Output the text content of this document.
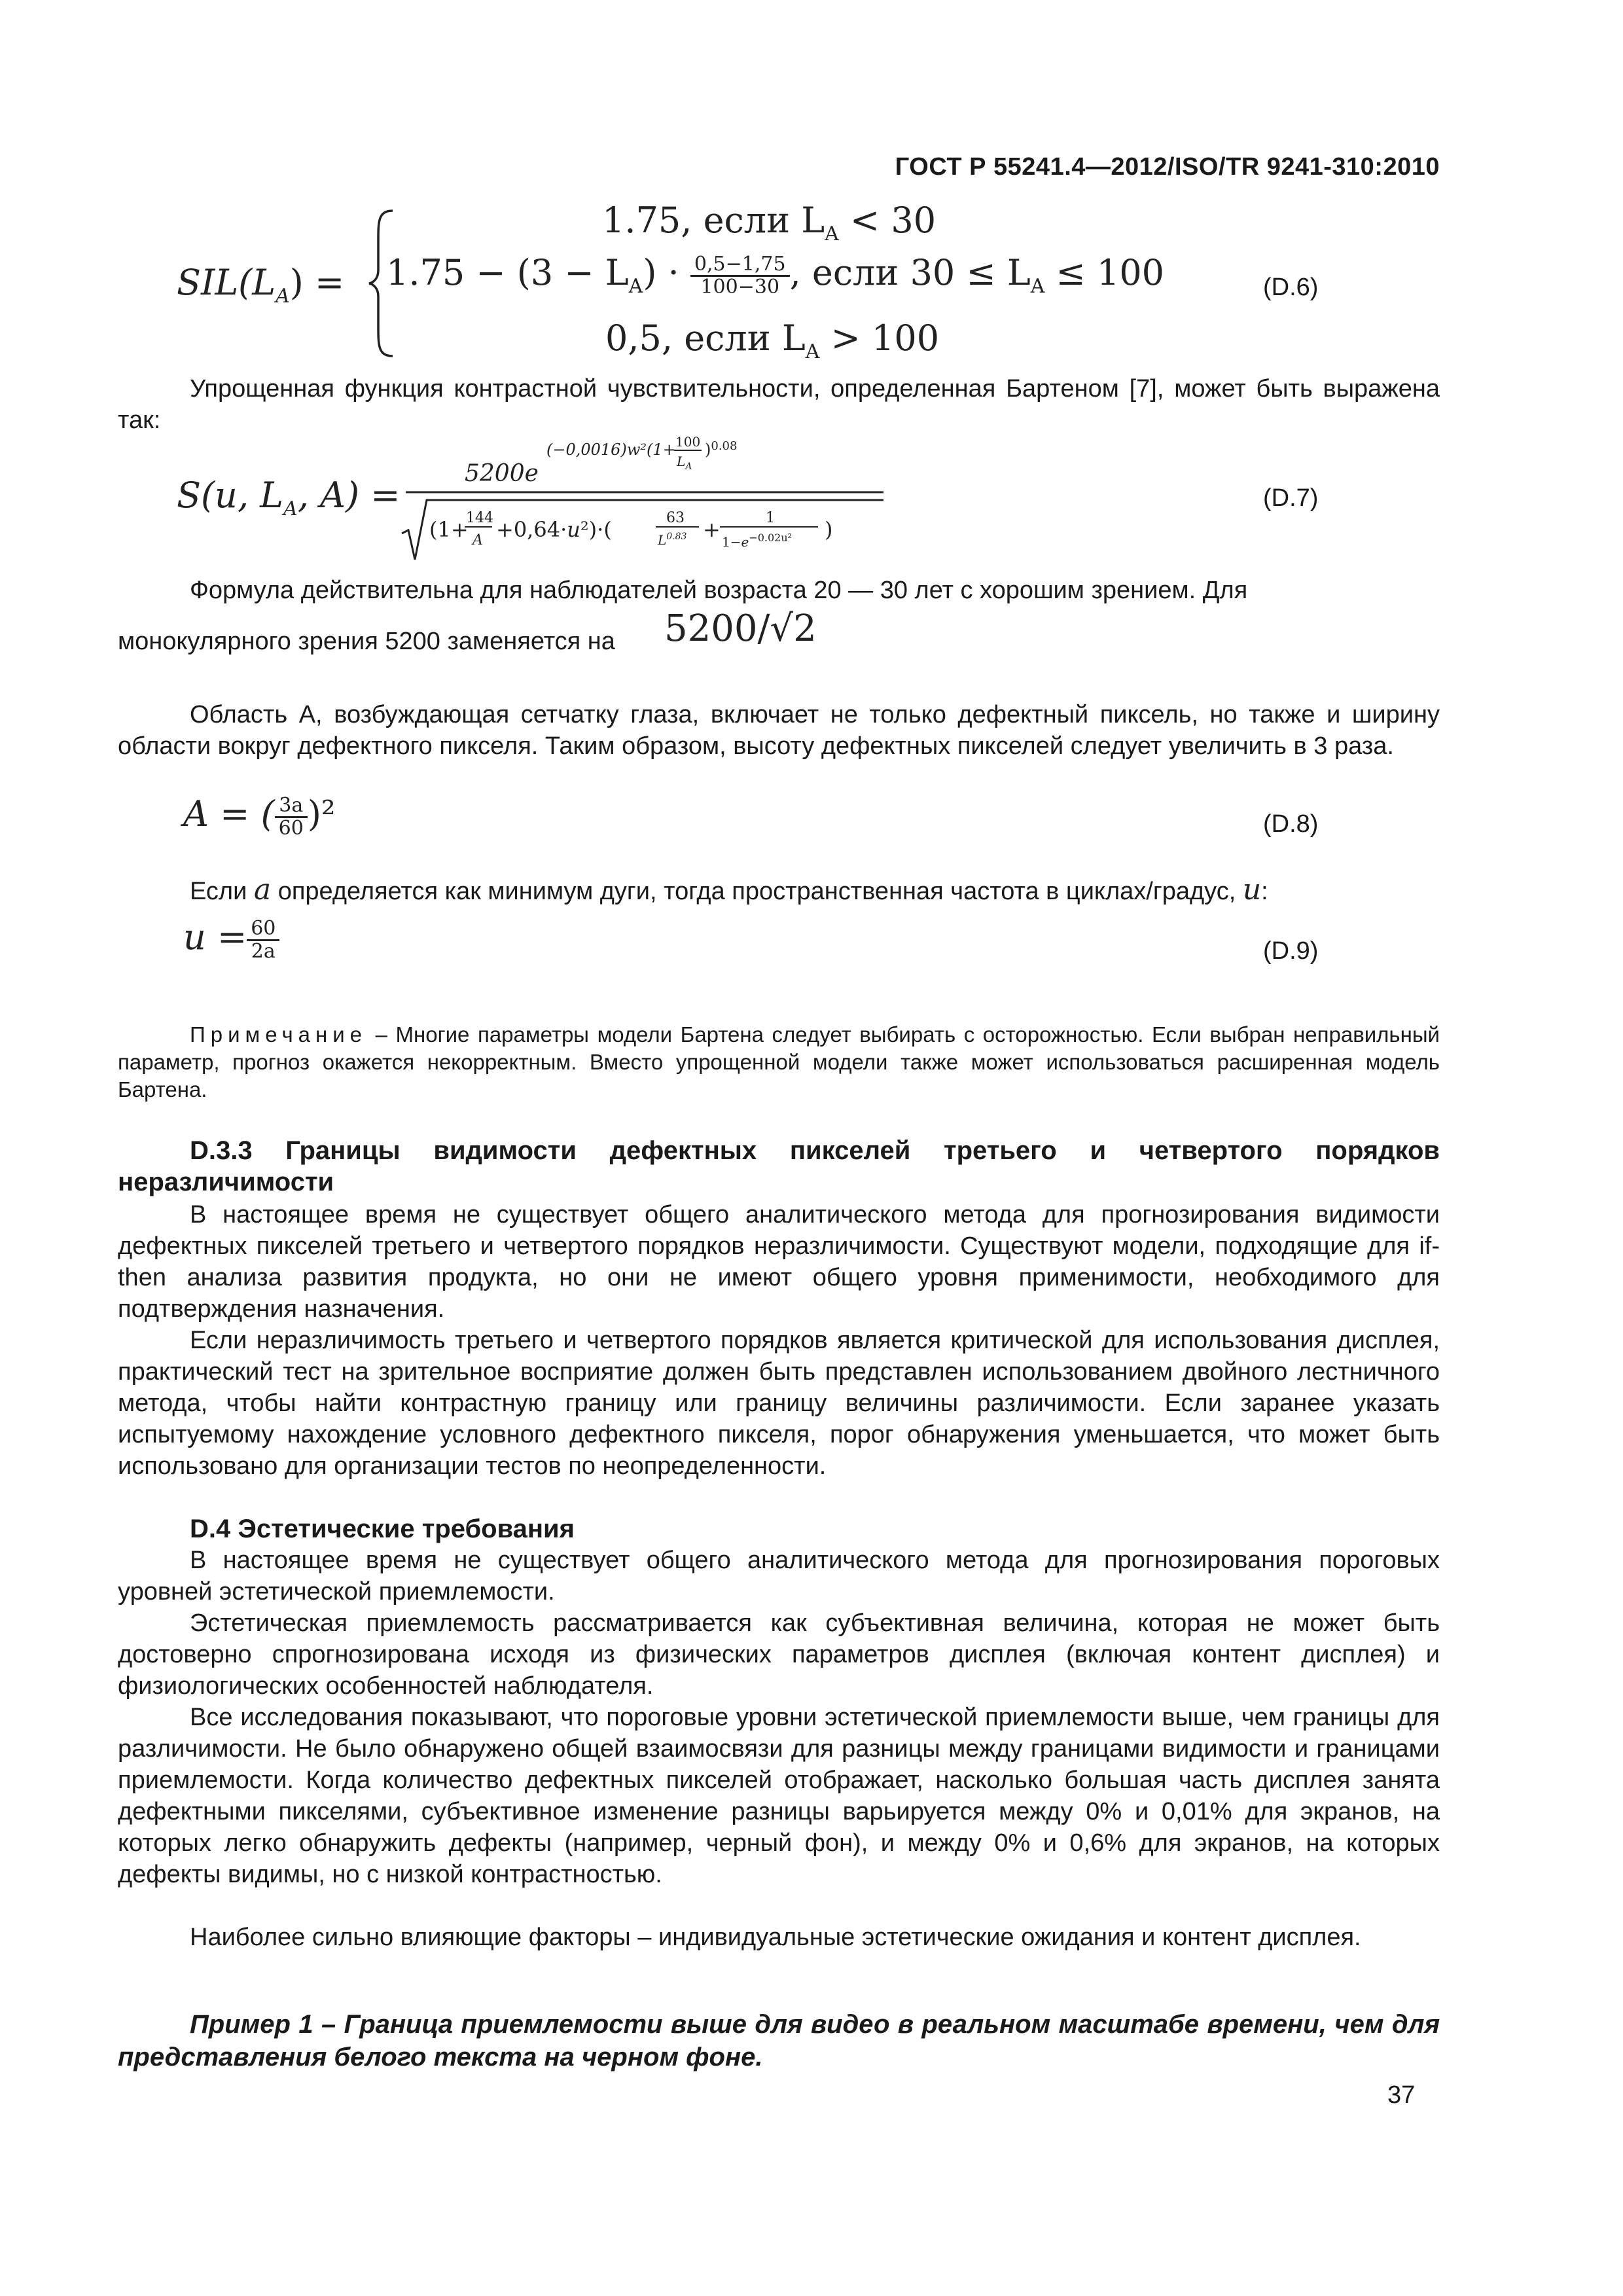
ГОСТ Р 55241.4—2012/ISO/TR 9241-310:2010
$SIL(L_A)$ =
1.75, если $L_A < 30$
$1.75 - (3 - L_A) \cdot \frac{0,5-1,75}{100-30}$ , если $30 \le L_A \le 100$
0,5, если $L_A > 100$
(D.6)
Упрощенная функция контрастной чувствительности, определенная Бартеном [7], может быть выражена так:
S(u, $L_A$, A) =
5200e
(−0,0016)w²(1+ 100
$L_A$
)$^{0.08}$
(1+
144
A +0,64·u²)·(	63
$L^{0.83}$ +	1
$1-e^{-0.02u^2}$ )
(D.7)

Формула действительна для наблюдателей возраста 20 — 30 лет с хорошим зрением. Для

монокулярного зрения 5200 заменяется на	5200/√2
Область А, возбуждающая сетчатку глаза, включает не только дефектный пиксель, но также и ширину области вокруг дефектного пикселя. Таким образом, высоту дефектных пикселей следует увеличить в 3 раза.
A = ( $\frac{3a}{60} )^2$	(D.8)
Если a определяется как минимум дуги, тогда пространственная частота в циклах/градус, u:
$u = \frac{60}{2a}$	(D.9)
Примечание – Многие параметры модели Бартена следует выбирать с осторожностью. Если выбран неправильный параметр, прогноз окажется некорректным. Вместо упрощенной модели также может использоваться расширенная модель Бартена.
D.3.3 Границы видимости дефектных пикселей третьего и четвертого порядков неразличимости
В настоящее время не существует общего аналитического метода для прогнозирования видимости дефектных пикселей третьего и четвертого порядков неразличимости. Существуют модели, подходящие для if-then анализа развития продукта, но они не имеют общего уровня применимости, необходимого для подтверждения назначения.
Если неразличимость третьего и четвертого порядков является критической для использования дисплея, практический тест на зрительное восприятие должен быть представлен использованием двойного лестничного метода, чтобы найти контрастную границу или границу величины различимости. Если заранее указать испытуемому нахождение условного дефектного пикселя, порог обнаружения уменьшается, что может быть использовано для организации тестов по неопределенности.
D.4 Эстетические требования
В настоящее время не существует общего аналитического метода для прогнозирования пороговых уровней эстетической приемлемости.
Эстетическая приемлемость рассматривается как субъективная величина, которая не может быть достоверно спрогнозирована исходя из физических параметров дисплея (включая контент дисплея) и физиологических особенностей наблюдателя.
Все исследования показывают, что пороговые уровни эстетической приемлемости выше, чем границы для различимости. Не было обнаружено общей взаимосвязи для разницы между границами видимости и границами приемлемости. Когда количество дефектных пикселей отображает, насколько большая часть дисплея занята дефектными пикселями, субъективное изменение разницы варьируется между 0% и 0,01% для экранов, на которых легко обнаружить дефекты (например, черный фон), и между 0% и 0,6% для экранов, на которых дефекты видимы, но с низкой контрастностью.
Наиболее сильно влияющие факторы – индивидуальные эстетические ожидания и контент дисплея.
Пример 1 – Граница приемлемости выше для видео в реальном масштабе времени, чем для представления белого текста на черном фоне.
37
